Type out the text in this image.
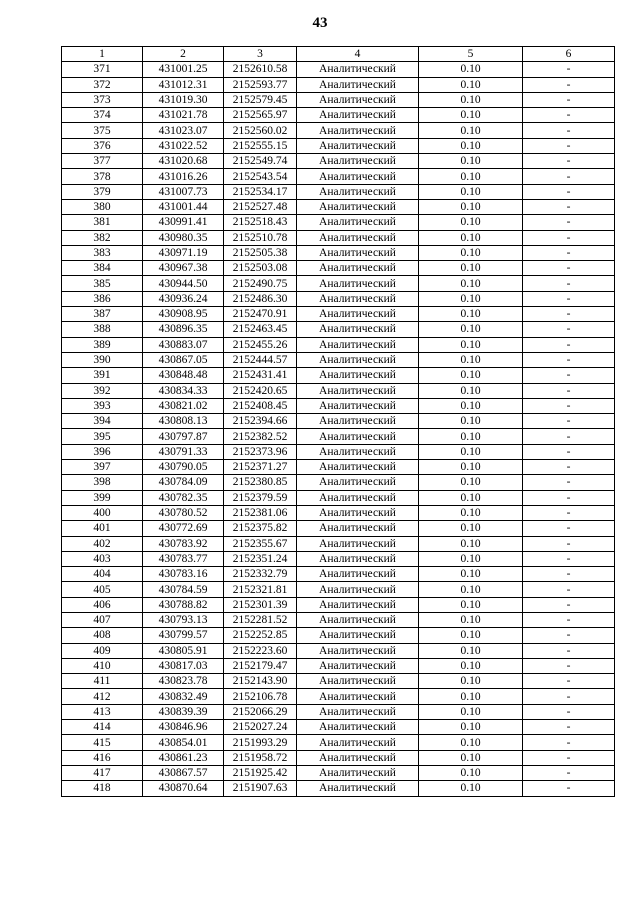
43
1	2	3	4	5	6
371	431001.25	2152610.58	Аналитический	0.10	-
372	431012.31	2152593.77	Аналитический	0.10	-
373	431019.30	2152579.45	Аналитический	0.10	-
374	431021.78	2152565.97	Аналитический	0.10	-
375	431023.07	2152560.02	Аналитический	0.10	-
376	431022.52	2152555.15	Аналитический	0.10	-
377	431020.68	2152549.74	Аналитический	0.10	-
378	431016.26	2152543.54	Аналитический	0.10	-
379	431007.73	2152534.17	Аналитический	0.10	-
380	431001.44	2152527.48	Аналитический	0.10	-
381	430991.41	2152518.43	Аналитический	0.10	-
382	430980.35	2152510.78	Аналитический	0.10	-
383	430971.19	2152505.38	Аналитический	0.10	-
384	430967.38	2152503.08	Аналитический	0.10	-
385	430944.50	2152490.75	Аналитический	0.10	-
386	430936.24	2152486.30	Аналитический	0.10	-
387	430908.95	2152470.91	Аналитический	0.10	-
388	430896.35	2152463.45	Аналитический	0.10	-
389	430883.07	2152455.26	Аналитический	0.10	-
390	430867.05	2152444.57	Аналитический	0.10	-
391	430848.48	2152431.41	Аналитический	0.10	-
392	430834.33	2152420.65	Аналитический	0.10	-
393	430821.02	2152408.45	Аналитический	0.10	-
394	430808.13	2152394.66	Аналитический	0.10	-
395	430797.87	2152382.52	Аналитический	0.10	-
396	430791.33	2152373.96	Аналитический	0.10	-
397	430790.05	2152371.27	Аналитический	0.10	-
398	430784.09	2152380.85	Аналитический	0.10	-
399	430782.35	2152379.59	Аналитический	0.10	-
400	430780.52	2152381.06	Аналитический	0.10	-
401	430772.69	2152375.82	Аналитический	0.10	-
402	430783.92	2152355.67	Аналитический	0.10	-
403	430783.77	2152351.24	Аналитический	0.10	-
404	430783.16	2152332.79	Аналитический	0.10	-
405	430784.59	2152321.81	Аналитический	0.10	-
406	430788.82	2152301.39	Аналитический	0.10	-
407	430793.13	2152281.52	Аналитический	0.10	-
408	430799.57	2152252.85	Аналитический	0.10	-
409	430805.91	2152223.60	Аналитический	0.10	-
410	430817.03	2152179.47	Аналитический	0.10	-
411	430823.78	2152143.90	Аналитический	0.10	-
412	430832.49	2152106.78	Аналитический	0.10	-
413	430839.39	2152066.29	Аналитический	0.10	-
414	430846.96	2152027.24	Аналитический	0.10	-
415	430854.01	2151993.29	Аналитический	0.10	-
416	430861.23	2151958.72	Аналитический	0.10	-
417	430867.57	2151925.42	Аналитический	0.10	-
418	430870.64	2151907.63	Аналитический	0.10	-
